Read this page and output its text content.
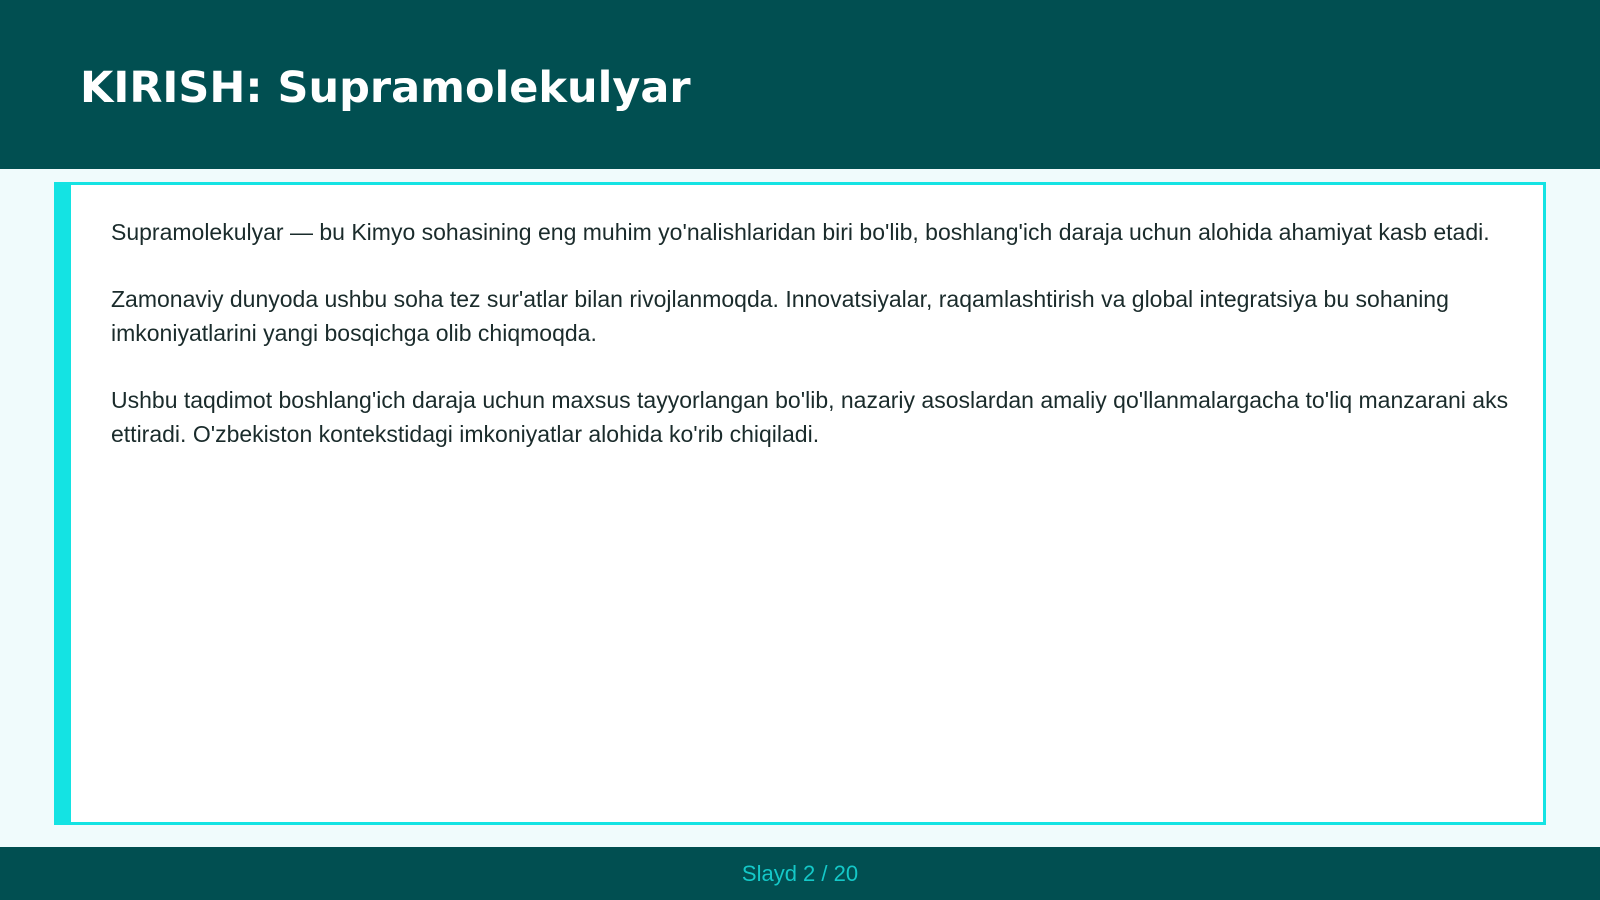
KIRISH: Supramolekulyar
Supramolekulyar — bu Kimyo sohasining eng muhim yo'nalishlaridan biri bo'lib, boshlang'ich daraja uchun alohida ahamiyat kasb etadi.
Zamonaviy dunyoda ushbu soha tez sur'atlar bilan rivojlanmoqda. Innovatsiyalar, raqamlashtirish va global integratsiya bu sohaning imkoniyatlarini yangi bosqichga olib chiqmoqda.
Ushbu taqdimot boshlang'ich daraja uchun maxsus tayyorlangan bo'lib, nazariy asoslardan amaliy qo'llanmalargacha to'liq manzarani aks ettiradi. O'zbekiston kontekstidagi imkoniyatlar alohida ko'rib chiqiladi.
Slayd 2 / 20
